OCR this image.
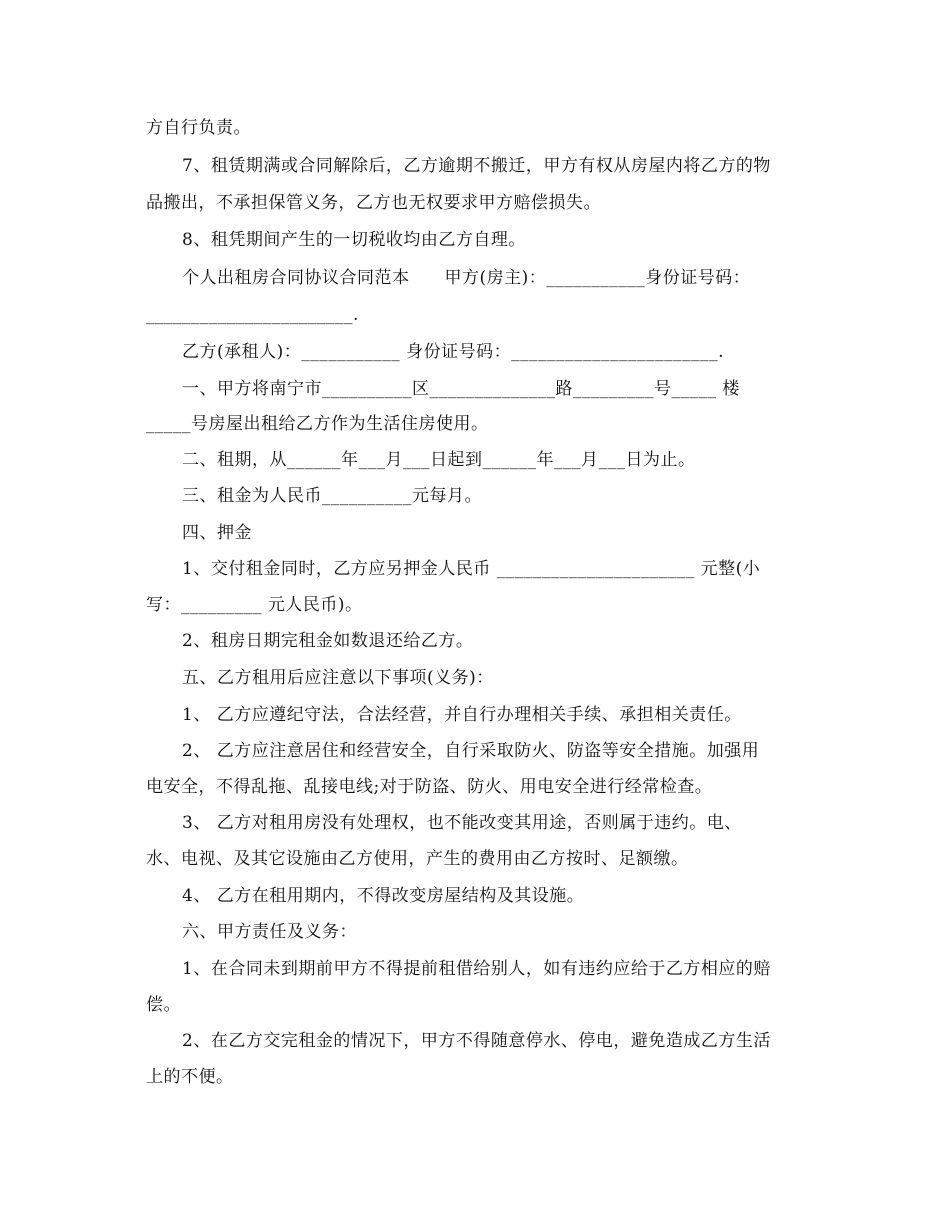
方自行负责。
7、租赁期满或合同解除后，乙方逾期不搬迁，甲方有权从房屋内将乙方的物
品搬出，不承担保管义务，乙方也无权要求甲方赔偿损失。
8、租凭期间产生的一切税收均由乙方自理。
个人出租房合同协议合同范本　　甲方(房主)：___________身份证号码：
_______________________.
乙方(承租人)：___________ 身份证号码：_______________________.
一、甲方将南宁市__________区______________路_________号_____ 楼
_____号房屋出租给乙方作为生活住房使用。
二、租期，从______年___月___日起到______年___月___日为止。
三、租金为人民币__________元每月。
四、押金
1、交付租金同时，乙方应另押金人民币 ______________________ 元整(小
写：_________ 元人民币)。
2、租房日期完租金如数退还给乙方。
五、乙方租用后应注意以下事项(义务)：
1、 乙方应遵纪守法，合法经营，并自行办理相关手续、承担相关责任。
2、 乙方应注意居住和经营安全，自行采取防火、防盗等安全措施。加强用
电安全，不得乱拖、乱接电线;对于防盗、防火、用电安全进行经常检查。
3、 乙方对租用房没有处理权，也不能改变其用途，否则属于违约。电、
水、电视、及其它设施由乙方使用，产生的费用由乙方按时、足额缴。
4、 乙方在租用期内，不得改变房屋结构及其设施。
六、甲方责任及义务：
1、在合同未到期前甲方不得提前租借给别人，如有违约应给于乙方相应的赔
偿。
2、在乙方交完租金的情况下，甲方不得随意停水、停电，避免造成乙方生活
上的不便。
